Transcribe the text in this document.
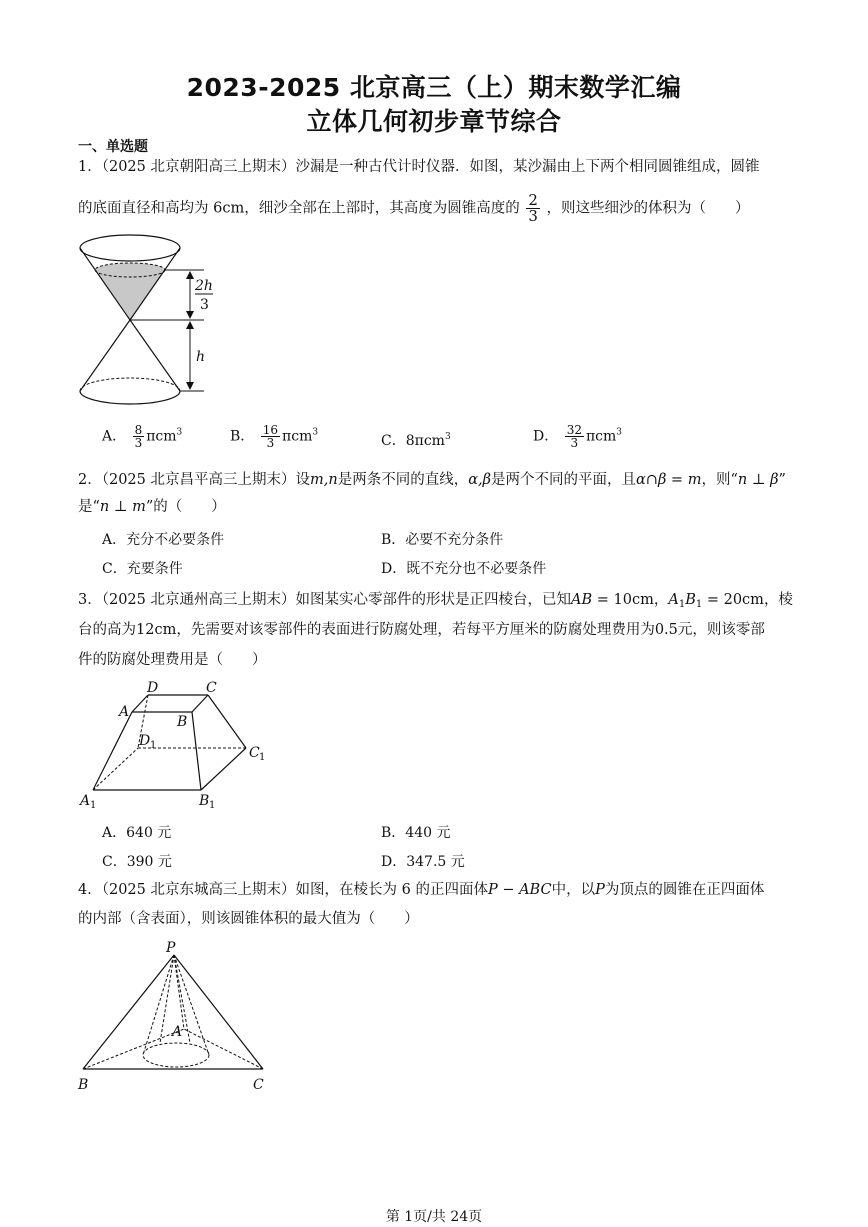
2023-2025 北京高三（上）期末数学汇编
立体几何初步章节综合
一、单选题
1．（2025 北京朝阳高三上期末）沙漏是一种古代计时仪器．如图，某沙漏由上下两个相同圆锥组成，圆锥
的底面直径和高均为 6cm，细沙全部在上部时，其高度为圆锥高度的 $\frac{2}{3}$ ，则这些细沙的体积为（　　）
2h
3
h
A． $\frac{8}{3} \pi cm^3$	B． $\frac{16}{3} \pi cm^3$
C．8πcm$^3$	D． $\frac{32}{3} \pi cm^3$
2．（2025 北京昌平高三上期末）设m,n是两条不同的直线，α,β是两个不同的平面，且α∩β = m，则“n ⊥ β”
是“n ⊥ m”的（　　）
A．充分不必要条件	B．必要不充分条件
C．充要条件	D．既不充分也不必要条件
3．（2025 北京通州高三上期末）如图某实心零部件的形状是正四棱台，已知AB = 10cm，$A_1B_1 = 20cm$，棱
台的高为12cm，先需要对该零部件的表面进行防腐处理，若每平方厘米的防腐处理费用为0.5元，则该零部
件的防腐处理费用是（　　）
D	C
A
B
D 1	C 1
A 1	B 1
A．640 元	B．440 元
C．390 元	D．347.5 元
4．（2025 北京东城高三上期末）如图，在棱长为 6 的正四面体P − ABC中，以P为顶点的圆锥在正四面体
的内部（含表面），则该圆锥体积的最大值为（　　）
P
A
B	C
第 1页/共 24页
